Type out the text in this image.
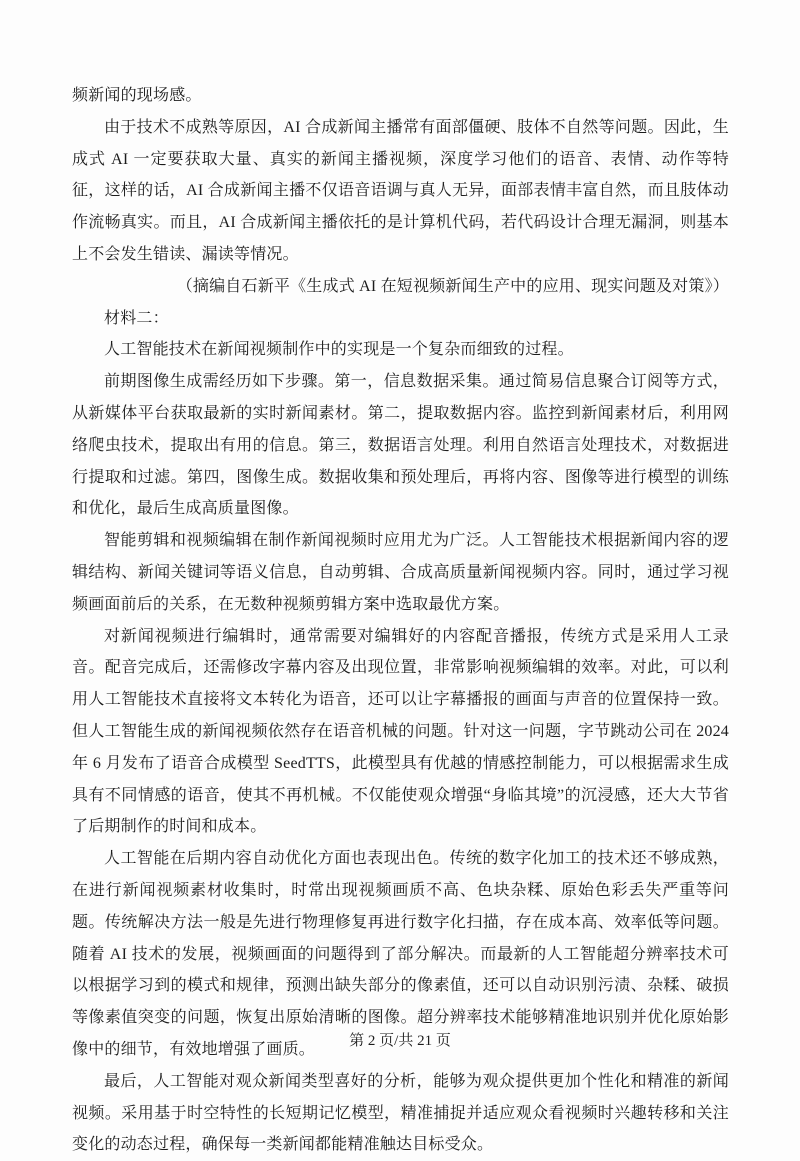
频新闻的现场感。

由于技术不成熟等原因，AI 合成新闻主播常有面部僵硬、肢体不自然等问题。因此，生成式 AI 一定要获取大量、真实的新闻主播视频，深度学习他们的语音、表情、动作等特征，这样的话，AI 合成新闻主播不仅语音语调与真人无异，面部表情丰富自然，而且肢体动作流畅真实。而且，AI 合成新闻主播依托的是计算机代码，若代码设计合理无漏洞，则基本上不会发生错读、漏读等情况。

（摘编自石新平《生成式 AI 在短视频新闻生产中的应用、现实问题及对策》）

材料二：

人工智能技术在新闻视频制作中的实现是一个复杂而细致的过程。

前期图像生成需经历如下步骤。第一，信息数据采集。通过简易信息聚合订阅等方式，从新媒体平台获取最新的实时新闻素材。第二，提取数据内容。监控到新闻素材后，利用网络爬虫技术，提取出有用的信息。第三，数据语言处理。利用自然语言处理技术，对数据进行提取和过滤。第四，图像生成。数据收集和预处理后，再将内容、图像等进行模型的训练和优化，最后生成高质量图像。

智能剪辑和视频编辑在制作新闻视频时应用尤为广泛。人工智能技术根据新闻内容的逻辑结构、新闻关键词等语义信息，自动剪辑、合成高质量新闻视频内容。同时，通过学习视频画面前后的关系，在无数种视频剪辑方案中选取最优方案。

对新闻视频进行编辑时，通常需要对编辑好的内容配音播报，传统方式是采用人工录音。配音完成后，还需修改字幕内容及出现位置，非常影响视频编辑的效率。对此，可以利用人工智能技术直接将文本转化为语音，还可以让字幕播报的画面与声音的位置保持一致。但人工智能生成的新闻视频依然存在语音机械的问题。针对这一问题，字节跳动公司在 2024 年 6 月发布了语音合成模型 SeedTTS，此模型具有优越的情感控制能力，可以根据需求生成具有不同情感的语音，使其不再机械。不仅能使观众增强“身临其境”的沉浸感，还大大节省了后期制作的时间和成本。

人工智能在后期内容自动优化方面也表现出色。传统的数字化加工的技术还不够成熟，在进行新闻视频素材收集时，时常出现视频画质不高、色块杂糅、原始色彩丢失严重等问题。传统解决方法一般是先进行物理修复再进行数字化扫描，存在成本高、效率低等问题。随着 AI 技术的发展，视频画面的问题得到了部分解决。而最新的人工智能超分辨率技术可以根据学习到的模式和规律，预测出缺失部分的像素值，还可以自动识别污渍、杂糅、破损等像素值突变的问题，恢复出原始清晰的图像。超分辨率技术能够精准地识别并优化原始影像中的细节，有效地增强了画质。

最后，人工智能对观众新闻类型喜好的分析，能够为观众提供更加个性化和精准的新闻视频。采用基于时空特性的长短期记忆模型，精准捕捉并适应观众看视频时兴趣转移和关注变化的动态过程，确保每一类新闻都能精准触达目标受众。

第 2 页/共 21 页
